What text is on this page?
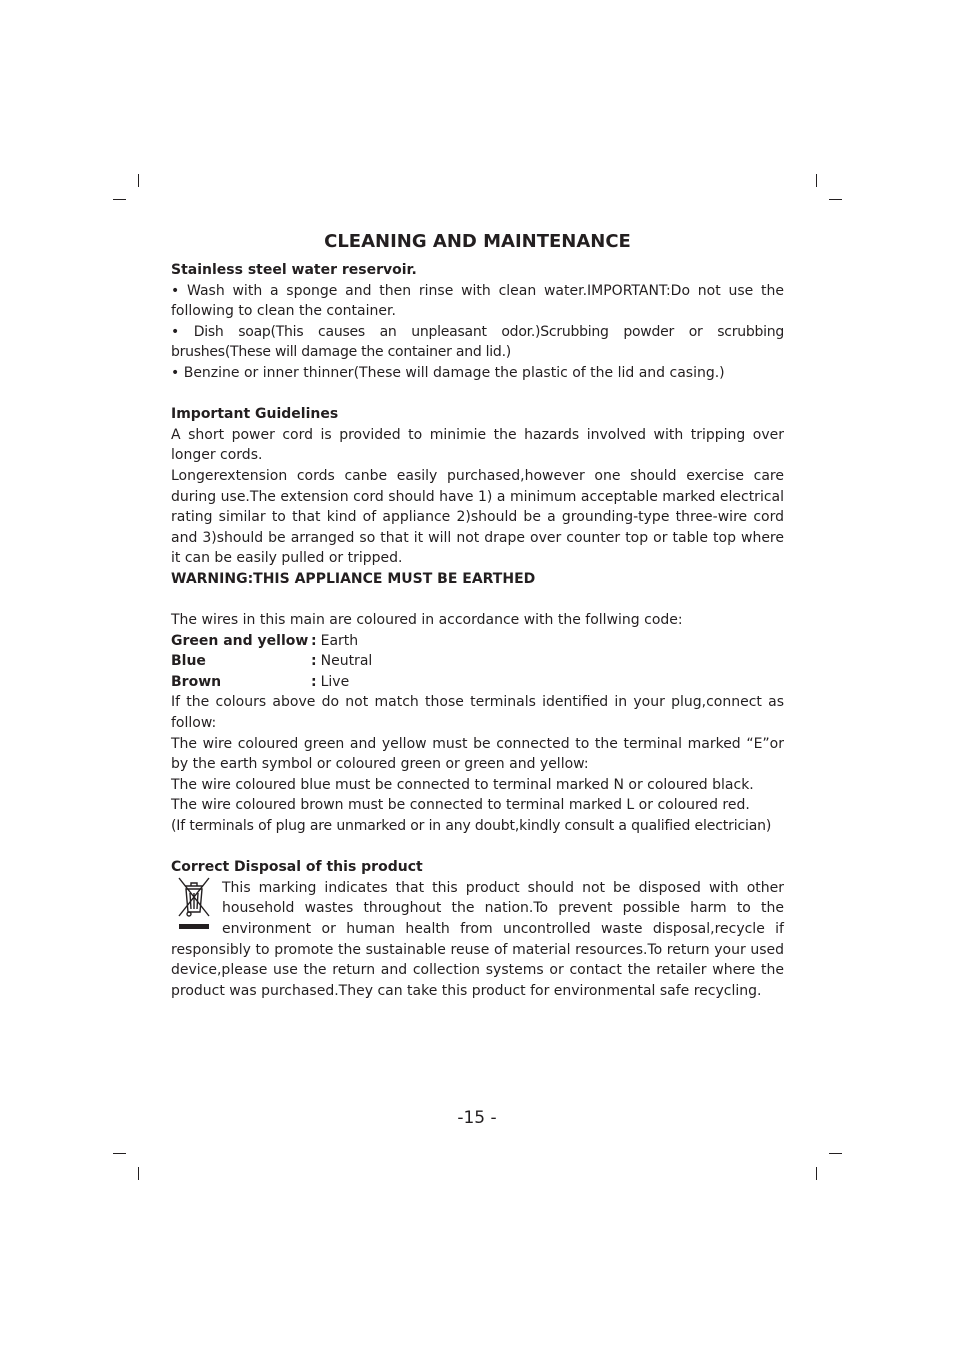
CLEANING AND MAINTENANCE
Stainless steel water reservoir.

• Wash with a sponge and then rinse with clean water.IMPORTANT:Do not use the following to clean the container.

• Dish soap(This causes an unpleasant odor.)Scrubbing powder or scrubbing brushes(These will damage the container and lid.)

• Benzine or inner thinner(These will damage the plastic of the lid and casing.)

Important Guidelines

A short power cord is provided to minimie the hazards involved with tripping over longer cords.

Longerextension cords canbe easily purchased,however one should exercise care during use.The extension cord should have 1) a minimum acceptable marked electrical rating similar to that kind of appliance 2)should be a grounding-type three-wire cord and 3)should be arranged so that it will not drape over counter top or table top where it can be easily pulled or tripped.

WARNING:THIS APPLIANCE MUST BE EARTHED

The wires in this main are coloured in accordance with the follwing code:

Green and yellow : Earth
Blue	: Neutral
Brown	: Live

If the colours above do not match those terminals identified in your plug,connect as follow:

The wire coloured green and yellow must be connected to the terminal marked “E”or by the earth symbol or coloured green or green and yellow:

The wire coloured blue must be connected to terminal marked N or coloured black.

The wire coloured brown must be connected to terminal marked L or coloured red.

(If terminals of plug are unmarked or in any doubt,kindly consult a qualified electrician)

Correct Disposal of this product

This marking indicates that this product should not be disposed with other household wastes throughout the nation.To prevent possible harm to the environment or human health from uncontrolled waste disposal,recycle if responsibly to promote the sustainable reuse of material resources.To return your used device,please use the return and collection systems or contact the retailer where the product was purchased.They can take this product for environmental safe recycling.

-15 -
